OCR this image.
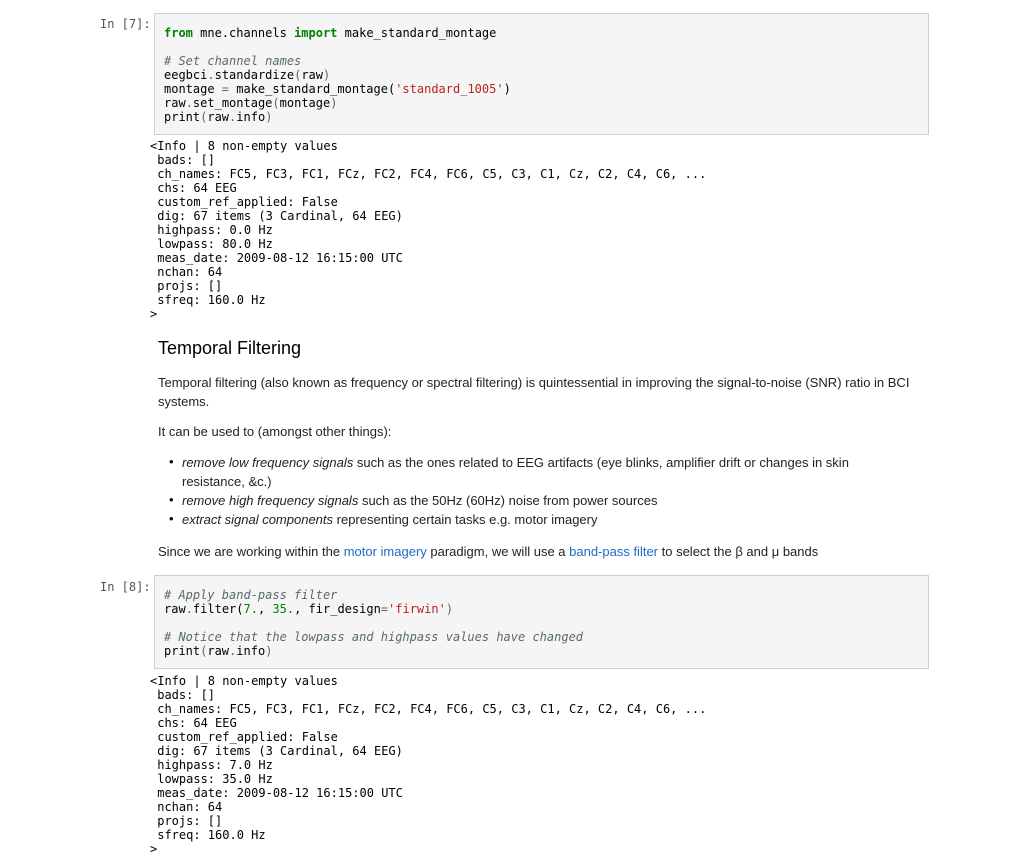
In [7]:
from mne.channels import make_standard_montage
# Set channel names
eegbci.standardize(raw)
montage = make_standard_montage('standard_1005')
raw.set_montage(montage)
print(raw.info)
<Info | 8 non-empty values
bads: []
ch_names: FC5, FC3, FC1, FCz, FC2, FC4, FC6, C5, C3, C1, Cz, C2, C4, C6, ...
chs: 64 EEG
custom_ref_applied: False
dig: 67 items (3 Cardinal, 64 EEG)
highpass: 0.0 Hz
lowpass: 80.0 Hz
meas_date: 2009-08-12 16:15:00 UTC
nchan: 64
projs: []
sfreq: 160.0 Hz
>
Temporal Filtering
Temporal filtering (also known as frequency or spectral filtering) is quintessential in improving the signal-to-noise (SNR) ratio in BCI systems.
It can be used to (amongst other things):
• remove low frequency signals such as the ones related to EEG artifacts (eye blinks, amplifier drift or changes in skin resistance, &c.)
• remove high frequency signals such as the 50Hz (60Hz) noise from power sources
• extract signal components representing certain tasks e.g. motor imagery
Since we are working within the motor imagery paradigm, we will use a band-pass filter to select the β and μ bands
In [8]:
# Apply band-pass filter
raw.filter(7., 35., fir_design='firwin')
# Notice that the lowpass and highpass values have changed
print(raw.info)
<Info | 8 non-empty values
bads: []
ch_names: FC5, FC3, FC1, FCz, FC2, FC4, FC6, C5, C3, C1, Cz, C2, C4, C6, ...
chs: 64 EEG
custom_ref_applied: False
dig: 67 items (3 Cardinal, 64 EEG)
highpass: 7.0 Hz
lowpass: 35.0 Hz
meas_date: 2009-08-12 16:15:00 UTC
nchan: 64
projs: []
sfreq: 160.0 Hz
>
